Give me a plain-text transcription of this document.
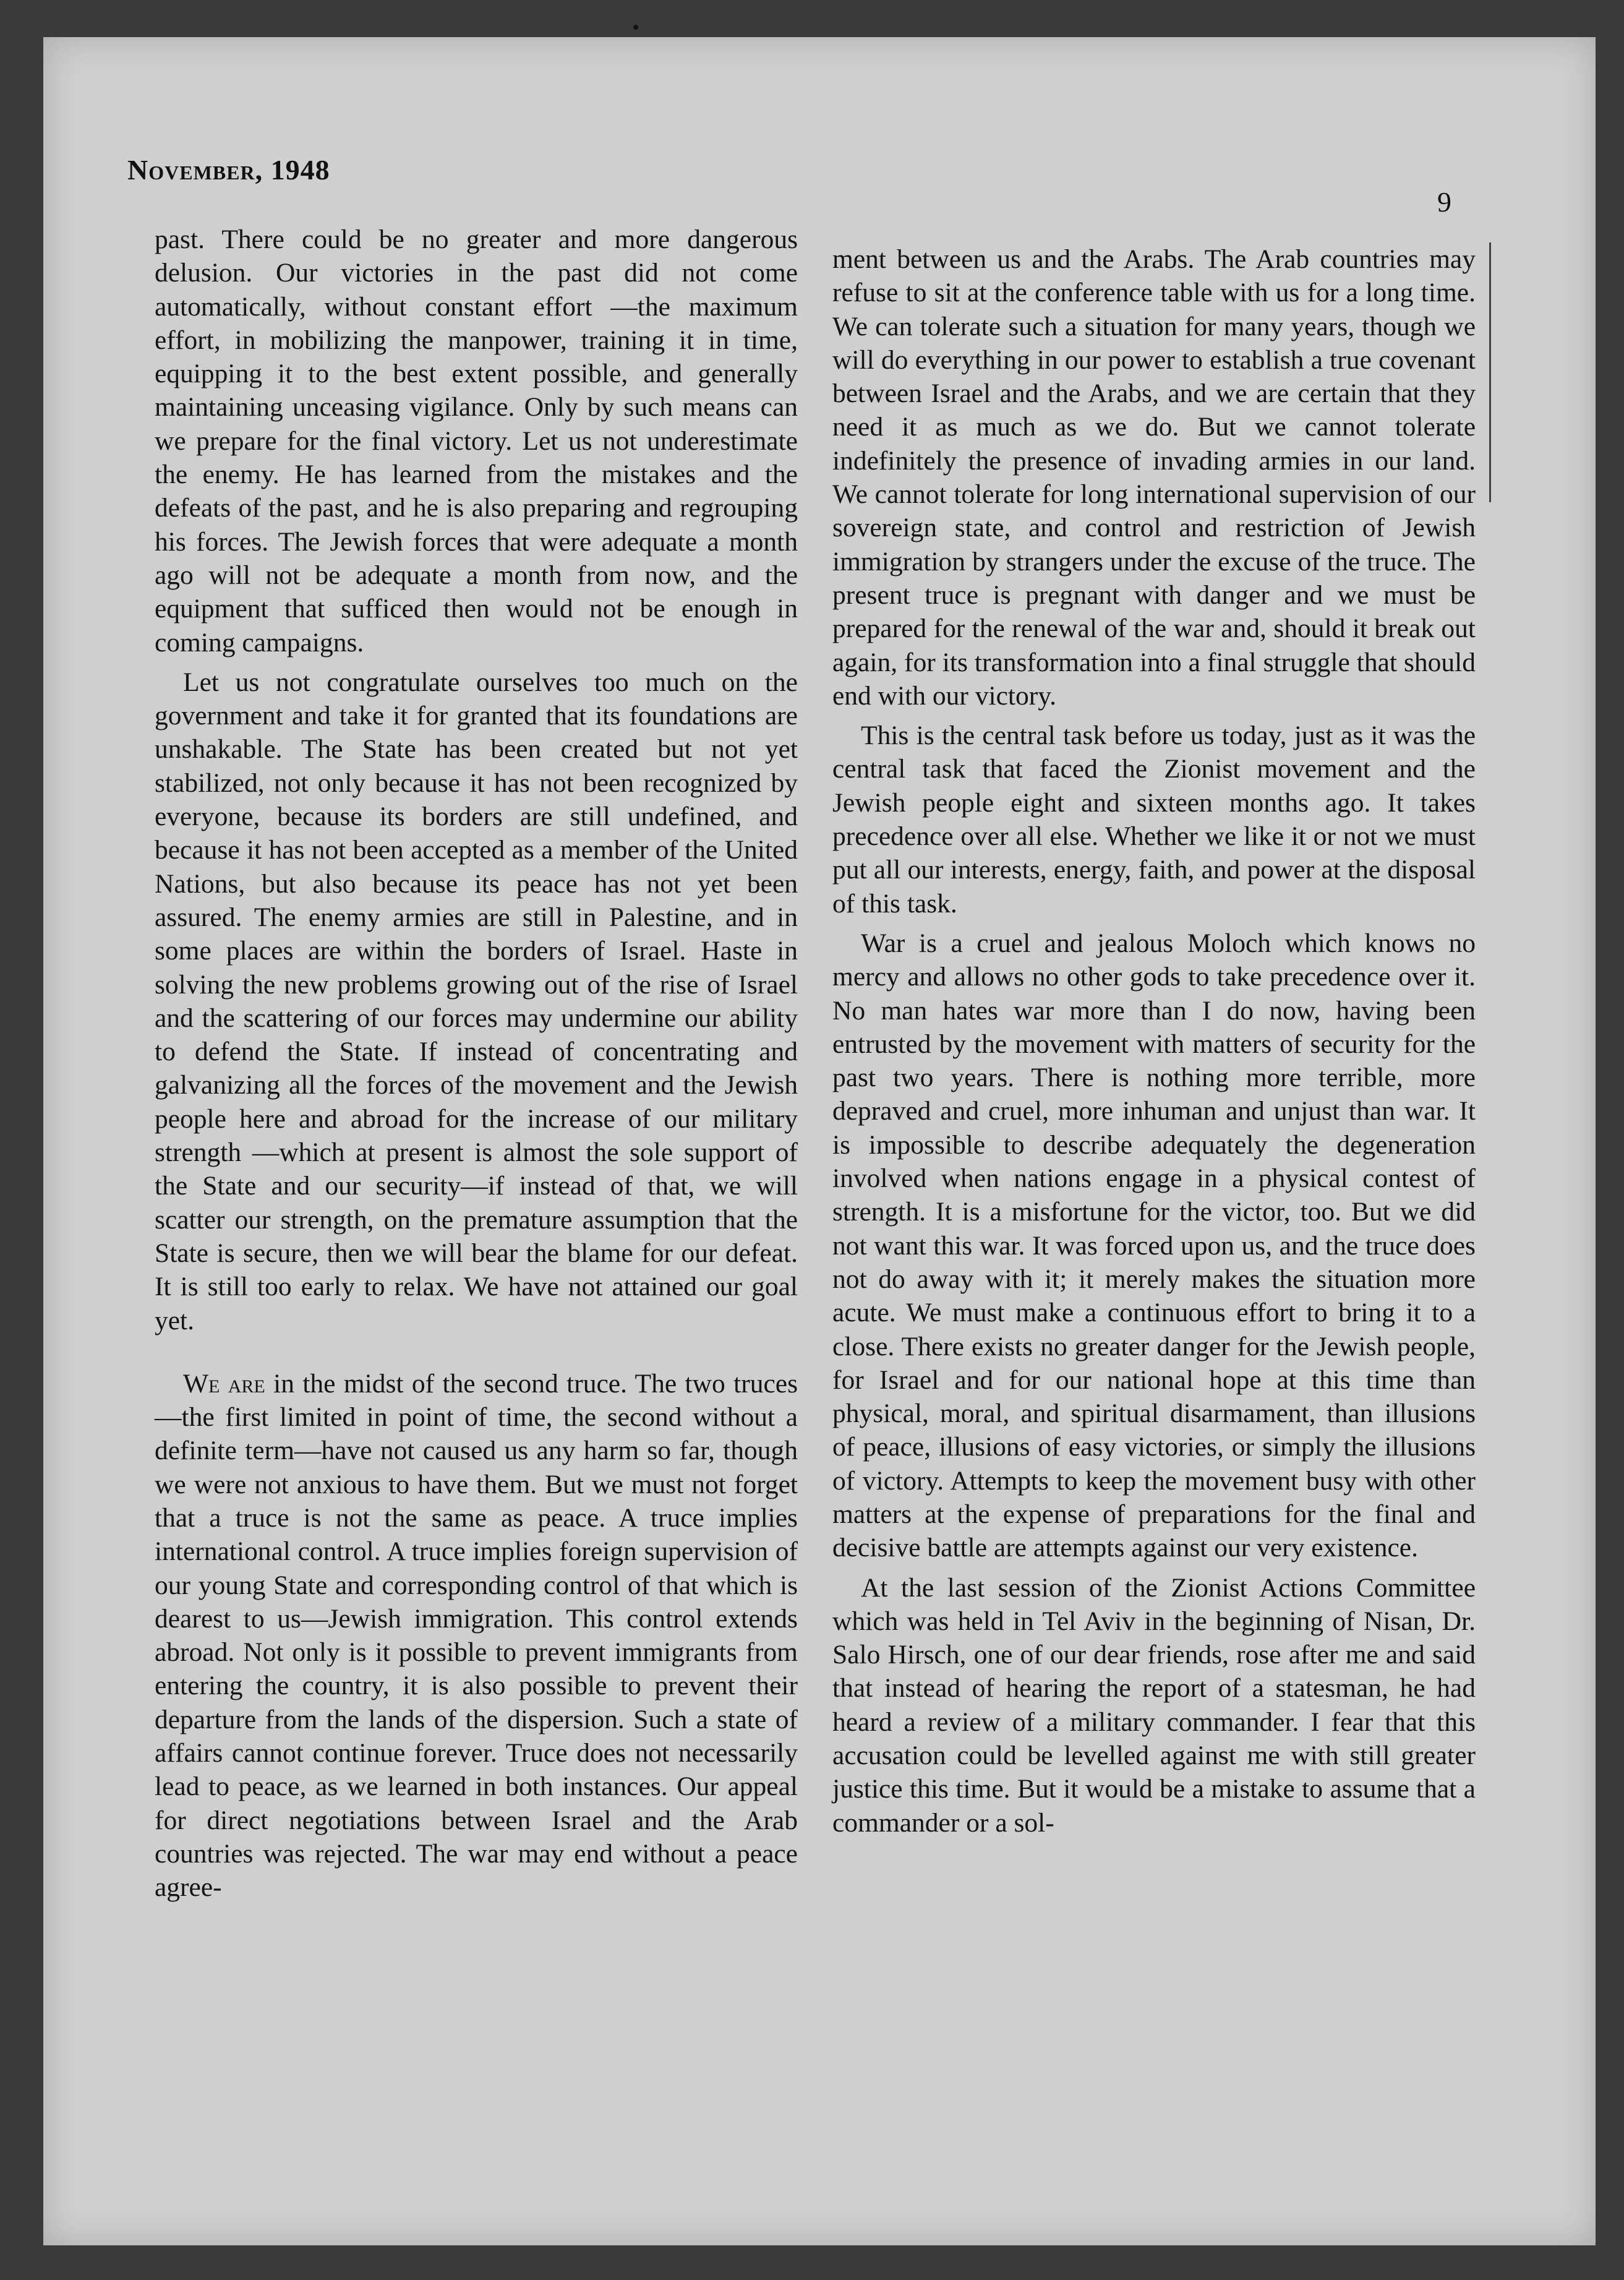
November, 1948
9

past. There could be no greater and more dangerous delusion. Our victories in the past did not come automatically, without constant effort —the maximum effort, in mobilizing the manpower, training it in time, equipping it to the best extent possible, and generally maintaining unceasing vigilance. Only by such means can we prepare for the final victory. Let us not underestimate the enemy. He has learned from the mistakes and the defeats of the past, and he is also preparing and regrouping his forces. The Jewish forces that were adequate a month ago will not be adequate a month from now, and the equipment that sufficed then would not be enough in coming campaigns.

Let us not congratulate ourselves too much on the government and take it for granted that its foundations are unshakable. The State has been created but not yet stabilized, not only because it has not been recognized by everyone, because its borders are still undefined, and because it has not been accepted as a member of the United Nations, but also because its peace has not yet been assured. The enemy armies are still in Palestine, and in some places are within the borders of Israel. Haste in solving the new problems growing out of the rise of Israel and the scattering of our forces may undermine our ability to defend the State. If instead of concentrating and galvanizing all the forces of the movement and the Jewish people here and abroad for the increase of our military strength —which at present is almost the sole support of the State and our security—if instead of that, we will scatter our strength, on the premature assumption that the State is secure, then we will bear the blame for our defeat. It is still too early to relax. We have not attained our goal yet.

We are in the midst of the second truce. The two truces—the first limited in point of time, the second without a definite term—have not caused us any harm so far, though we were not anxious to have them. But we must not forget that a truce is not the same as peace. A truce implies international control. A truce implies foreign supervision of our young State and corresponding control of that which is dearest to us—Jewish immigration. This control extends abroad. Not only is it possible to prevent immigrants from entering the country, it is also possible to prevent their departure from the lands of the dispersion. Such a state of affairs cannot continue forever. Truce does not necessarily lead to peace, as we learned in both instances. Our appeal for direct negotiations between Israel and the Arab countries was rejected. The war may end without a peace agree-

ment between us and the Arabs. The Arab countries may refuse to sit at the conference table with us for a long time. We can tolerate such a situation for many years, though we will do everything in our power to establish a true covenant between Israel and the Arabs, and we are certain that they need it as much as we do. But we cannot tolerate indefinitely the presence of invading armies in our land. We cannot tolerate for long international supervision of our sovereign state, and control and restriction of Jewish immigration by strangers under the excuse of the truce. The present truce is pregnant with danger and we must be prepared for the renewal of the war and, should it break out again, for its transformation into a final struggle that should end with our victory.

This is the central task before us today, just as it was the central task that faced the Zionist movement and the Jewish people eight and sixteen months ago. It takes precedence over all else. Whether we like it or not we must put all our interests, energy, faith, and power at the disposal of this task.

War is a cruel and jealous Moloch which knows no mercy and allows no other gods to take precedence over it. No man hates war more than I do now, having been entrusted by the movement with matters of security for the past two years. There is nothing more terrible, more depraved and cruel, more inhuman and unjust than war. It is impossible to describe adequately the degeneration involved when nations engage in a physical contest of strength. It is a misfortune for the victor, too. But we did not want this war. It was forced upon us, and the truce does not do away with it; it merely makes the situation more acute. We must make a continuous effort to bring it to a close. There exists no greater danger for the Jewish people, for Israel and for our national hope at this time than physical, moral, and spiritual disarmament, than illusions of peace, illusions of easy victories, or simply the illusions of victory. Attempts to keep the movement busy with other matters at the expense of preparations for the final and decisive battle are attempts against our very existence.

At the last session of the Zionist Actions Committee which was held in Tel Aviv in the beginning of Nisan, Dr. Salo Hirsch, one of our dear friends, rose after me and said that instead of hearing the report of a statesman, he had heard a review of a military commander. I fear that this accusation could be levelled against me with still greater justice this time. But it would be a mistake to assume that a commander or a sol-
